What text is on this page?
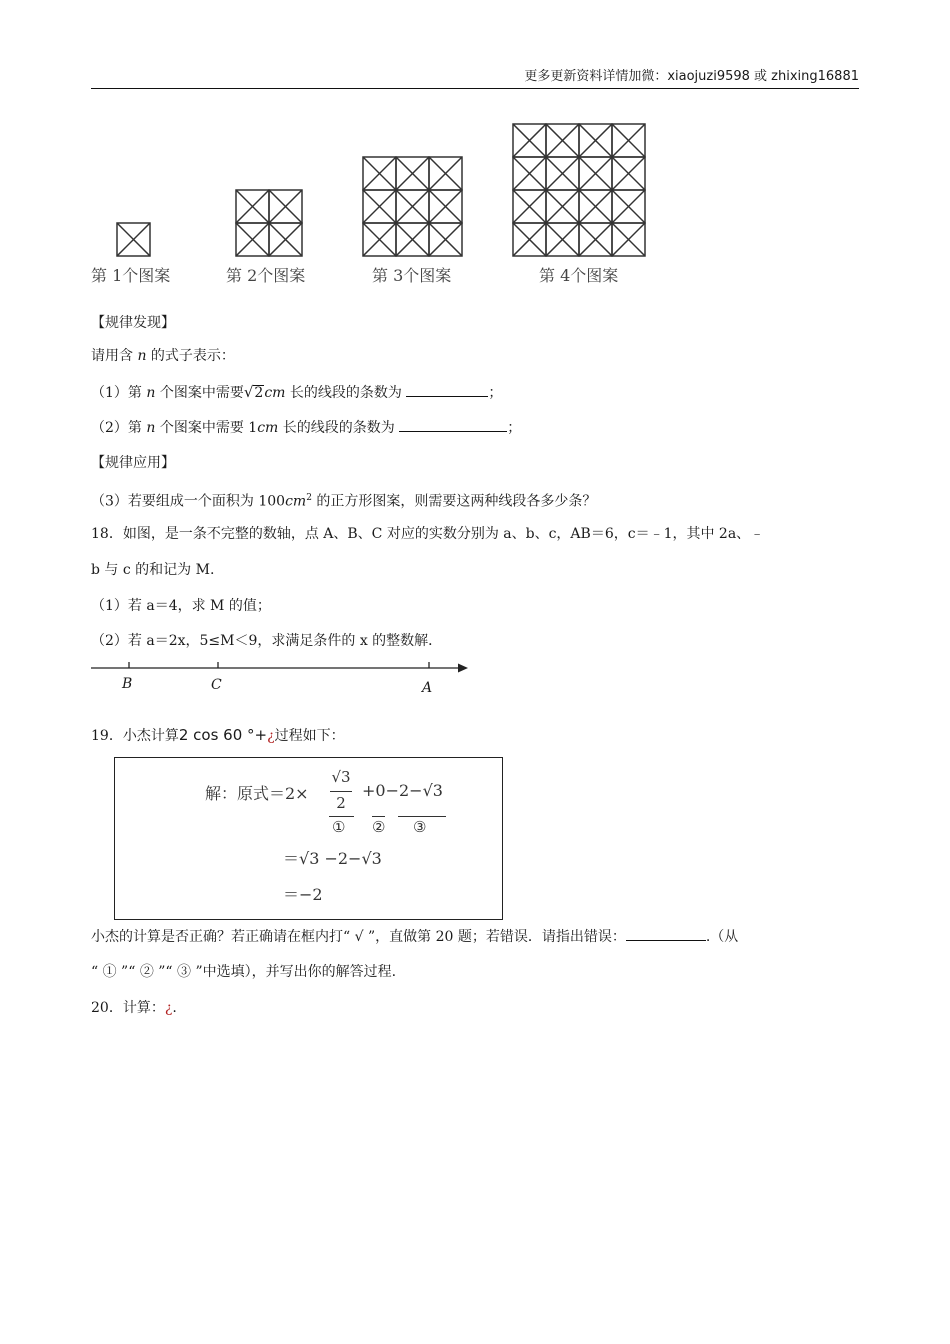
更多更新资料详情加微：xiaojuzi9598 或 zhixing16881
第 1个图案	第 2个图案	第 3个图案	第 4个图案
【规律发现】
请用含 n 的式子表示：
（1）第 n 个图案中需要√2cm 长的线段的条数为	；
（2）第 n 个图案中需要 1cm 长的线段的条数为	；
【规律应用】
（3）若要组成一个面积为 $100cm^2$ 的正方形图案，则需要这两种线段各多少条？
18．如图，是一条不完整的数轴，点 A、B、C 对应的实数分别为 a、b、c，AB＝6，c＝﹣1，其中 2a、﹣
b 与 c 的和记为 M.
（1）若 a＝4，求 M 的值；
（2）若 a＝2x，5≤M＜9，求满足条件的 x 的整数解．
B	C	A
19．小杰计算2 cos 60 °+¿过程如下：
解：原式＝2×
√3
2
+0−2−√3
① ② ③
＝√3 −2−√3
＝−2
小杰的计算是否正确？若正确请在框内打“ √ ”，直做第 20 题；若错误．请指出错误：	.（从
“ ① ”“ ② ”“ ③ ”中选填），并写出你的解答过程.
20．计算：¿.
